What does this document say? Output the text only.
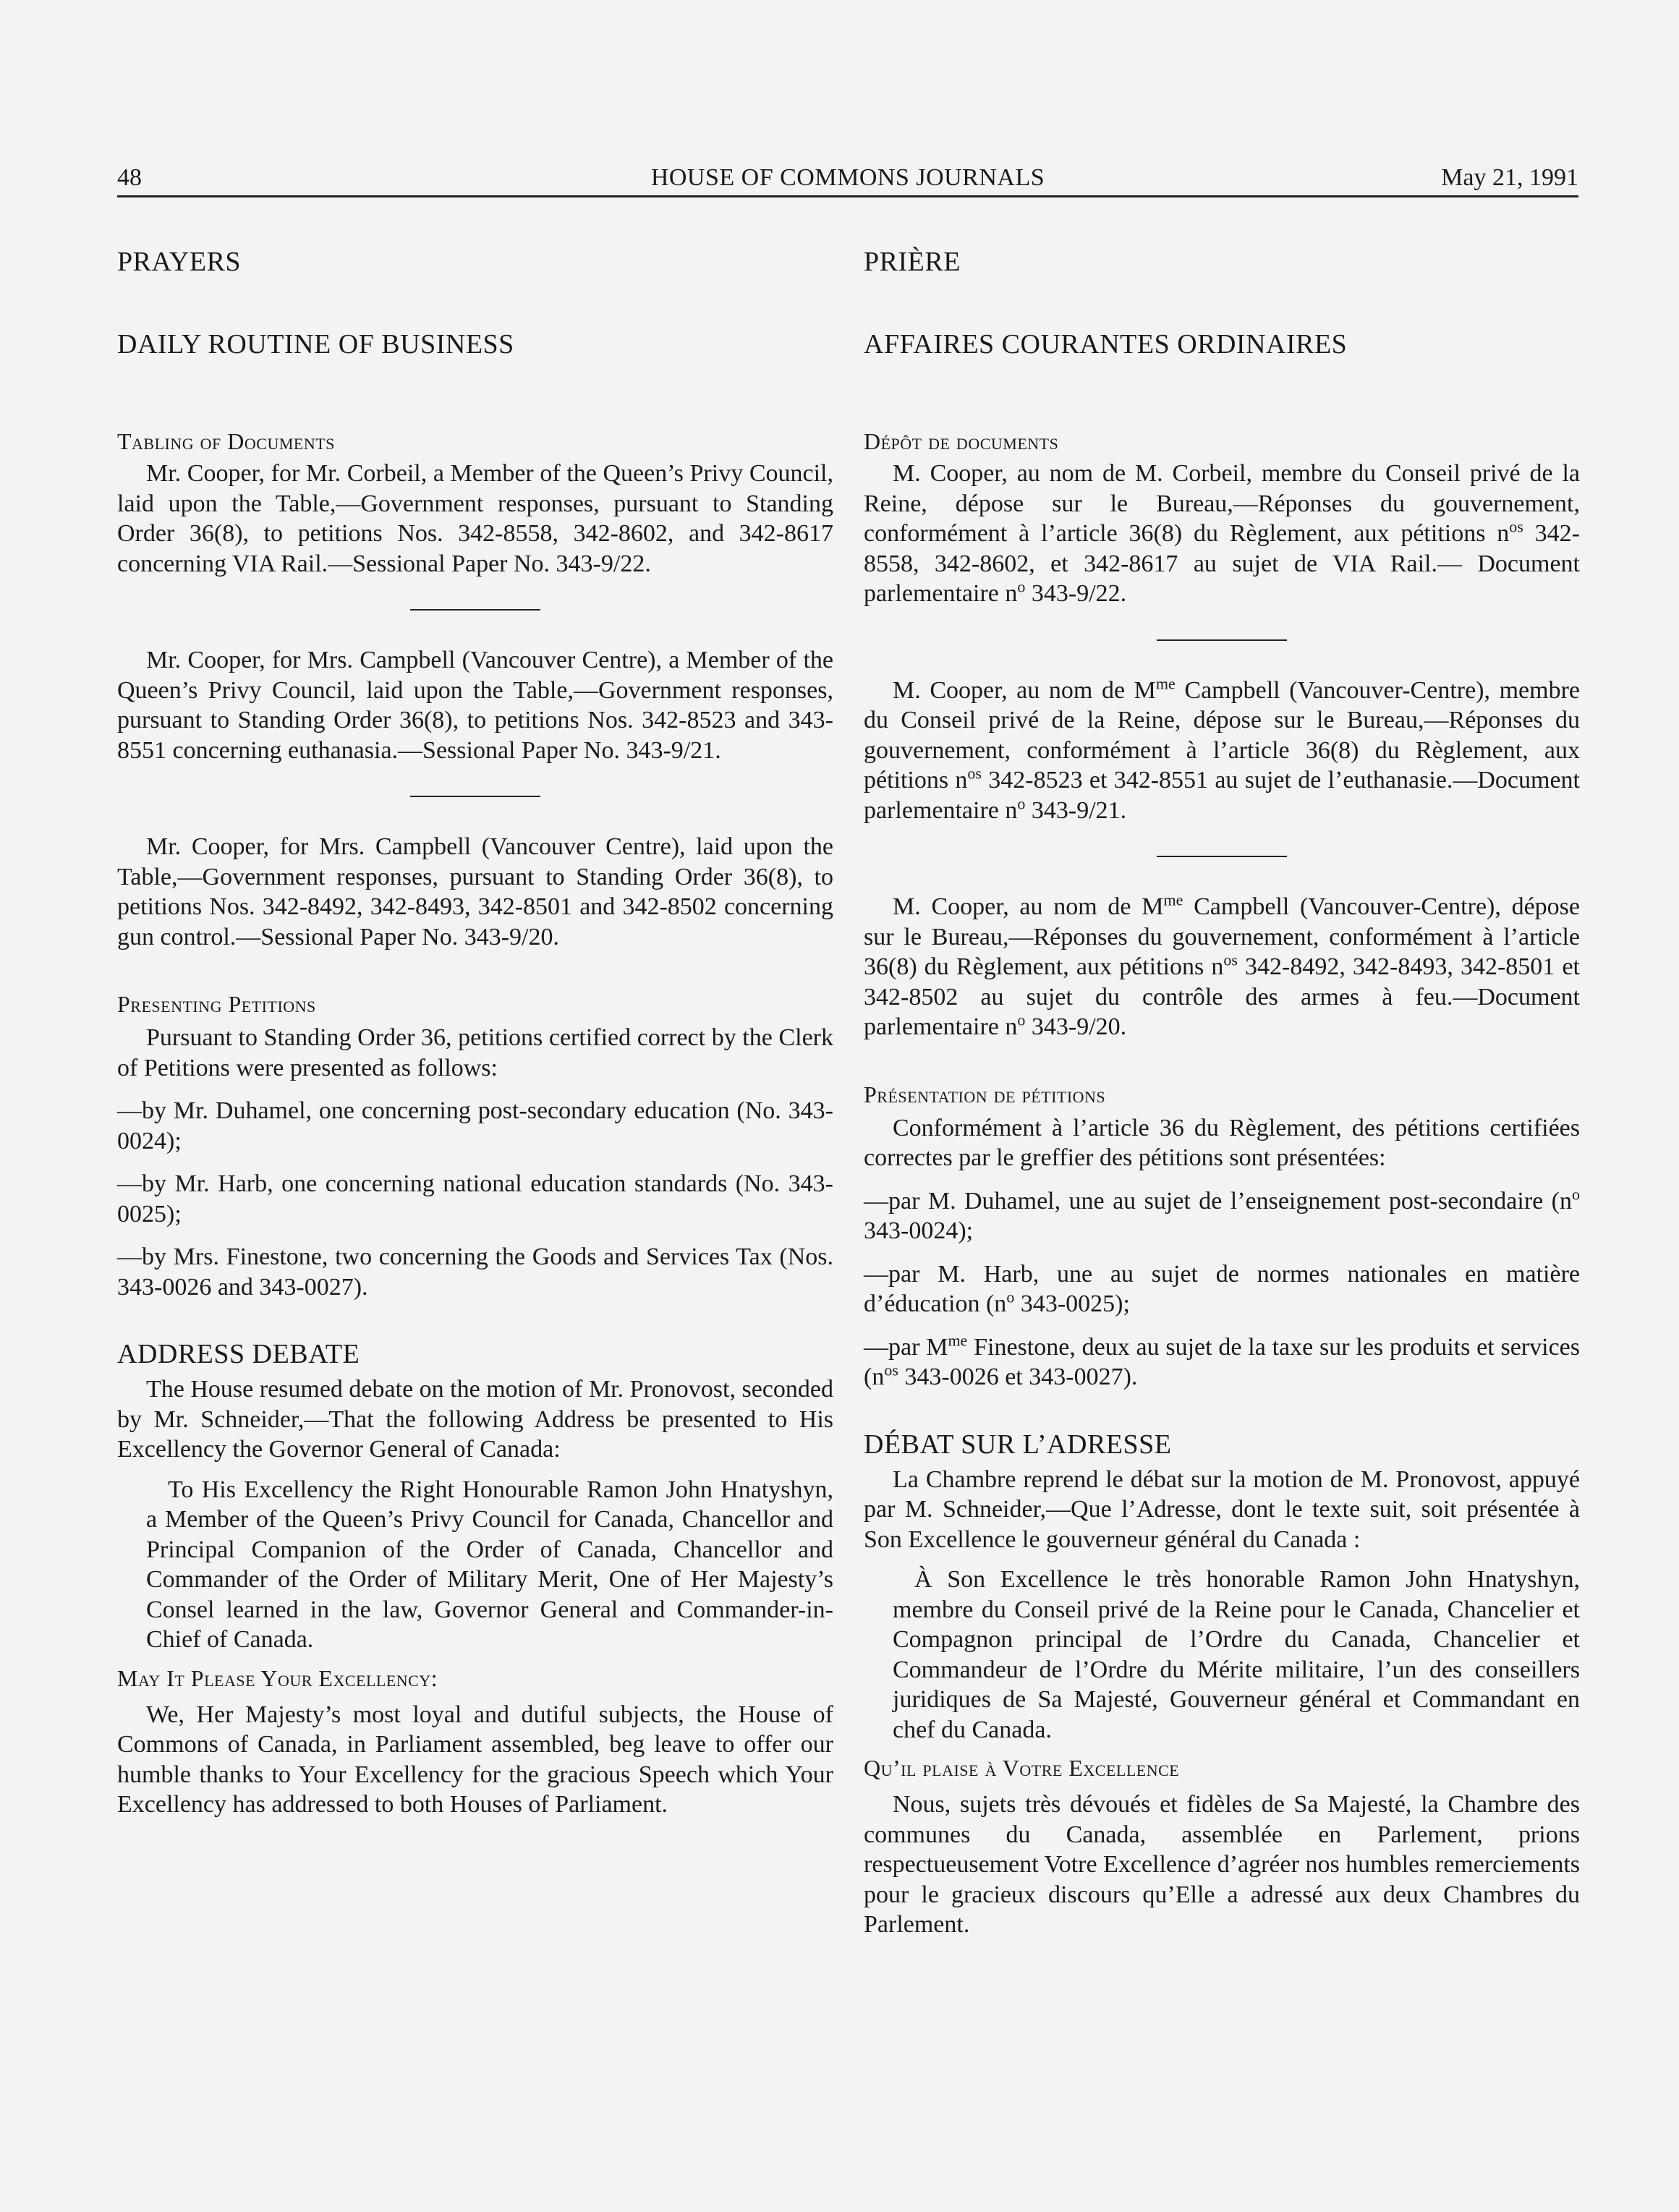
48	HOUSE OF COMMONS JOURNALS	May 21, 1991
PRAYERS
DAILY ROUTINE OF BUSINESS
Tabling of Documents

Mr. Cooper, for Mr. Corbeil, a Member of the Queen’s Privy Council, laid upon the Table,—Government responses, pursuant to Standing Order 36(8), to petitions Nos. 342-8558, 342-8602, and 342-8617 concerning VIA Rail.—Sessional Paper No. 343-9/22.

Mr. Cooper, for Mrs. Campbell (Vancouver Centre), a Member of the Queen’s Privy Council, laid upon the Table,—Government responses, pursuant to Standing Order 36(8), to petitions Nos. 342-8523 and 343-8551 concerning euthanasia.—Sessional Paper No. 343-9/21.

Mr. Cooper, for Mrs. Campbell (Vancouver Centre), laid upon the Table,—Government responses, pursuant to Standing Order 36(8), to petitions Nos. 342-8492, 342-8493, 342-8501 and 342-8502 concerning gun control.—Sessional Paper No. 343-9/20.

Presenting Petitions

Pursuant to Standing Order 36, petitions certified correct by the Clerk of Petitions were presented as follows:

—by Mr. Duhamel, one concerning post-secondary education (No. 343-0024);

—by Mr. Harb, one concerning national education standards (No. 343-0025);

—by Mrs. Finestone, two concerning the Goods and Services Tax (Nos. 343-0026 and 343-0027).

ADDRESS DEBATE

The House resumed debate on the motion of Mr. Pronovost, seconded by Mr. Schneider,—That the following Address be presented to His Excellency the Governor General of Canada:

To His Excellency the Right Honourable Ramon John Hnatyshyn, a Member of the Queen’s Privy Council for Canada, Chancellor and Principal Companion of the Order of Canada, Chancellor and Commander of the Order of Military Merit, One of Her Majesty’s Consel learned in the law, Governor General and Commander-in-Chief of Canada.

May It Please Your Excellency:

We, Her Majesty’s most loyal and dutiful subjects, the House of Commons of Canada, in Parliament assembled, beg leave to offer our humble thanks to Your Excellency for the gracious Speech which Your Excellency has addressed to both Houses of Parliament.

PRIÈRE
AFFAIRES COURANTES ORDINAIRES
Dépôt de documents

M. Cooper, au nom de M. Corbeil, membre du Conseil privé de la Reine, dépose sur le Bureau,—Réponses du gouvernement, conformément à l’article 36(8) du Règlement, aux pétitions $n^{os}$ 342-8558, 342-8602, et 342-8617 au sujet de VIA Rail.— Document parlementaire $n^o$ 343-9/22.

M. Cooper, au nom de $M^{me}$ Campbell (Vancouver-Centre), membre du Conseil privé de la Reine, dépose sur le Bureau,—Réponses du gouvernement, conformément à l’article 36(8) du Règlement, aux pétitions $n^{os}$ 342-8523 et 342-8551 au sujet de l’euthanasie.—Document parlementaire $n^o$ 343-9/21.

M. Cooper, au nom de $M^{me}$ Campbell (Vancouver-Centre), dépose sur le Bureau,—Réponses du gouvernement, conformément à l’article 36(8) du Règlement, aux pétitions $n^{os}$ 342-8492, 342-8493, 342-8501 et 342-8502 au sujet du contrôle des armes à feu.—Document parlementaire $n^o$ 343-9/20.

Présentation de pétitions

Conformément à l’article 36 du Règlement, des pétitions certifiées correctes par le greffier des pétitions sont présentées:

—par M. Duhamel, une au sujet de l’enseignement post-secondaire ($n^o$ 343-0024);

—par M. Harb, une au sujet de normes nationales en matière d’éducation ($n^o$ 343-0025);

—par $M^{me}$ Finestone, deux au sujet de la taxe sur les produits et services ($n^{os}$ 343-0026 et 343-0027).

DÉBAT SUR L’ADRESSE

La Chambre reprend le débat sur la motion de M. Pronovost, appuyé par M. Schneider,—Que l’Adresse, dont le texte suit, soit présentée à Son Excellence le gouverneur général du Canada :

À Son Excellence le très honorable Ramon John Hnatyshyn, membre du Conseil privé de la Reine pour le Canada, Chancelier et Compagnon principal de l’Ordre du Canada, Chancelier et Commandeur de l’Ordre du Mérite militaire, l’un des conseillers juridiques de Sa Majesté, Gouverneur général et Commandant en chef du Canada.

Qu’il plaise à Votre Excellence

Nous, sujets très dévoués et fidèles de Sa Majesté, la Chambre des communes du Canada, assemblée en Parlement, prions respectueusement Votre Excellence d’agréer nos humbles remerciements pour le gracieux discours qu’Elle a adressé aux deux Chambres du Parlement.
